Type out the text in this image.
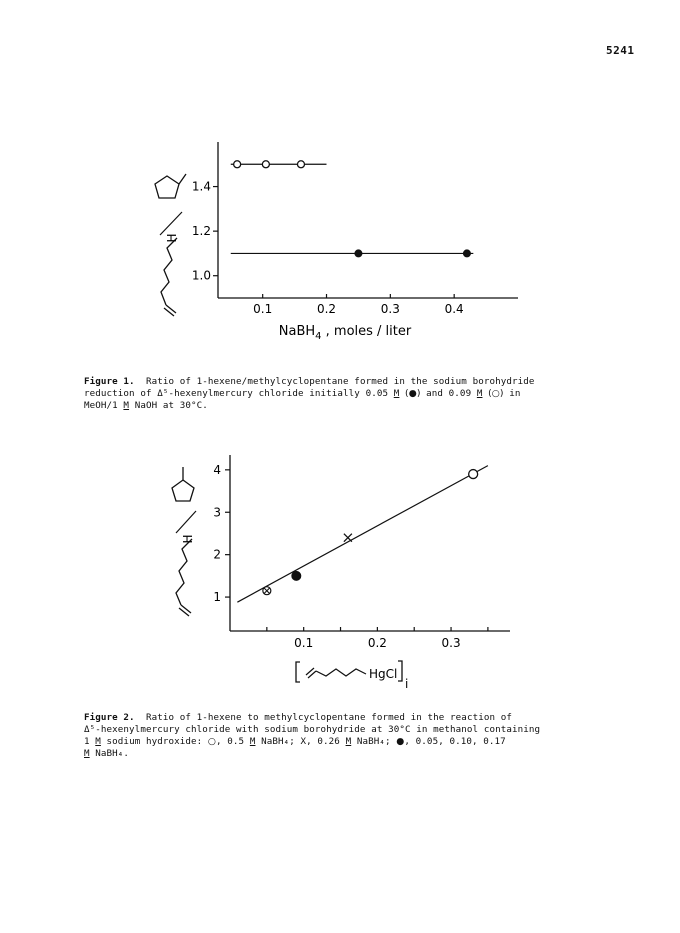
5241
H
1.0
1.2
1.4
0.1	0.2	0.3	0.4
NaBH$_4$ , moles / liter
Figure 1. Ratio of 1-hexene/methylcyclopentane formed in the sodium borohydride
reduction of Δ⁵-hexenylmercury chloride initially 0.05 M (●) and 0.09 M (○) in
MeOH/1 M NaOH at 30°C.
H
1
2
3
4
0.1	0.2	0.3
HgCl
i
Figure 2. Ratio of 1-hexene to methylcyclopentane formed in the reaction of
Δ⁵-hexenylmercury chloride with sodium borohydride at 30°C in methanol containing
1 M sodium hydroxide: ○, 0.5 M NaBH₄; X, 0.26 M NaBH₄; ●, 0.05, 0.10, 0.17
M NaBH₄.
